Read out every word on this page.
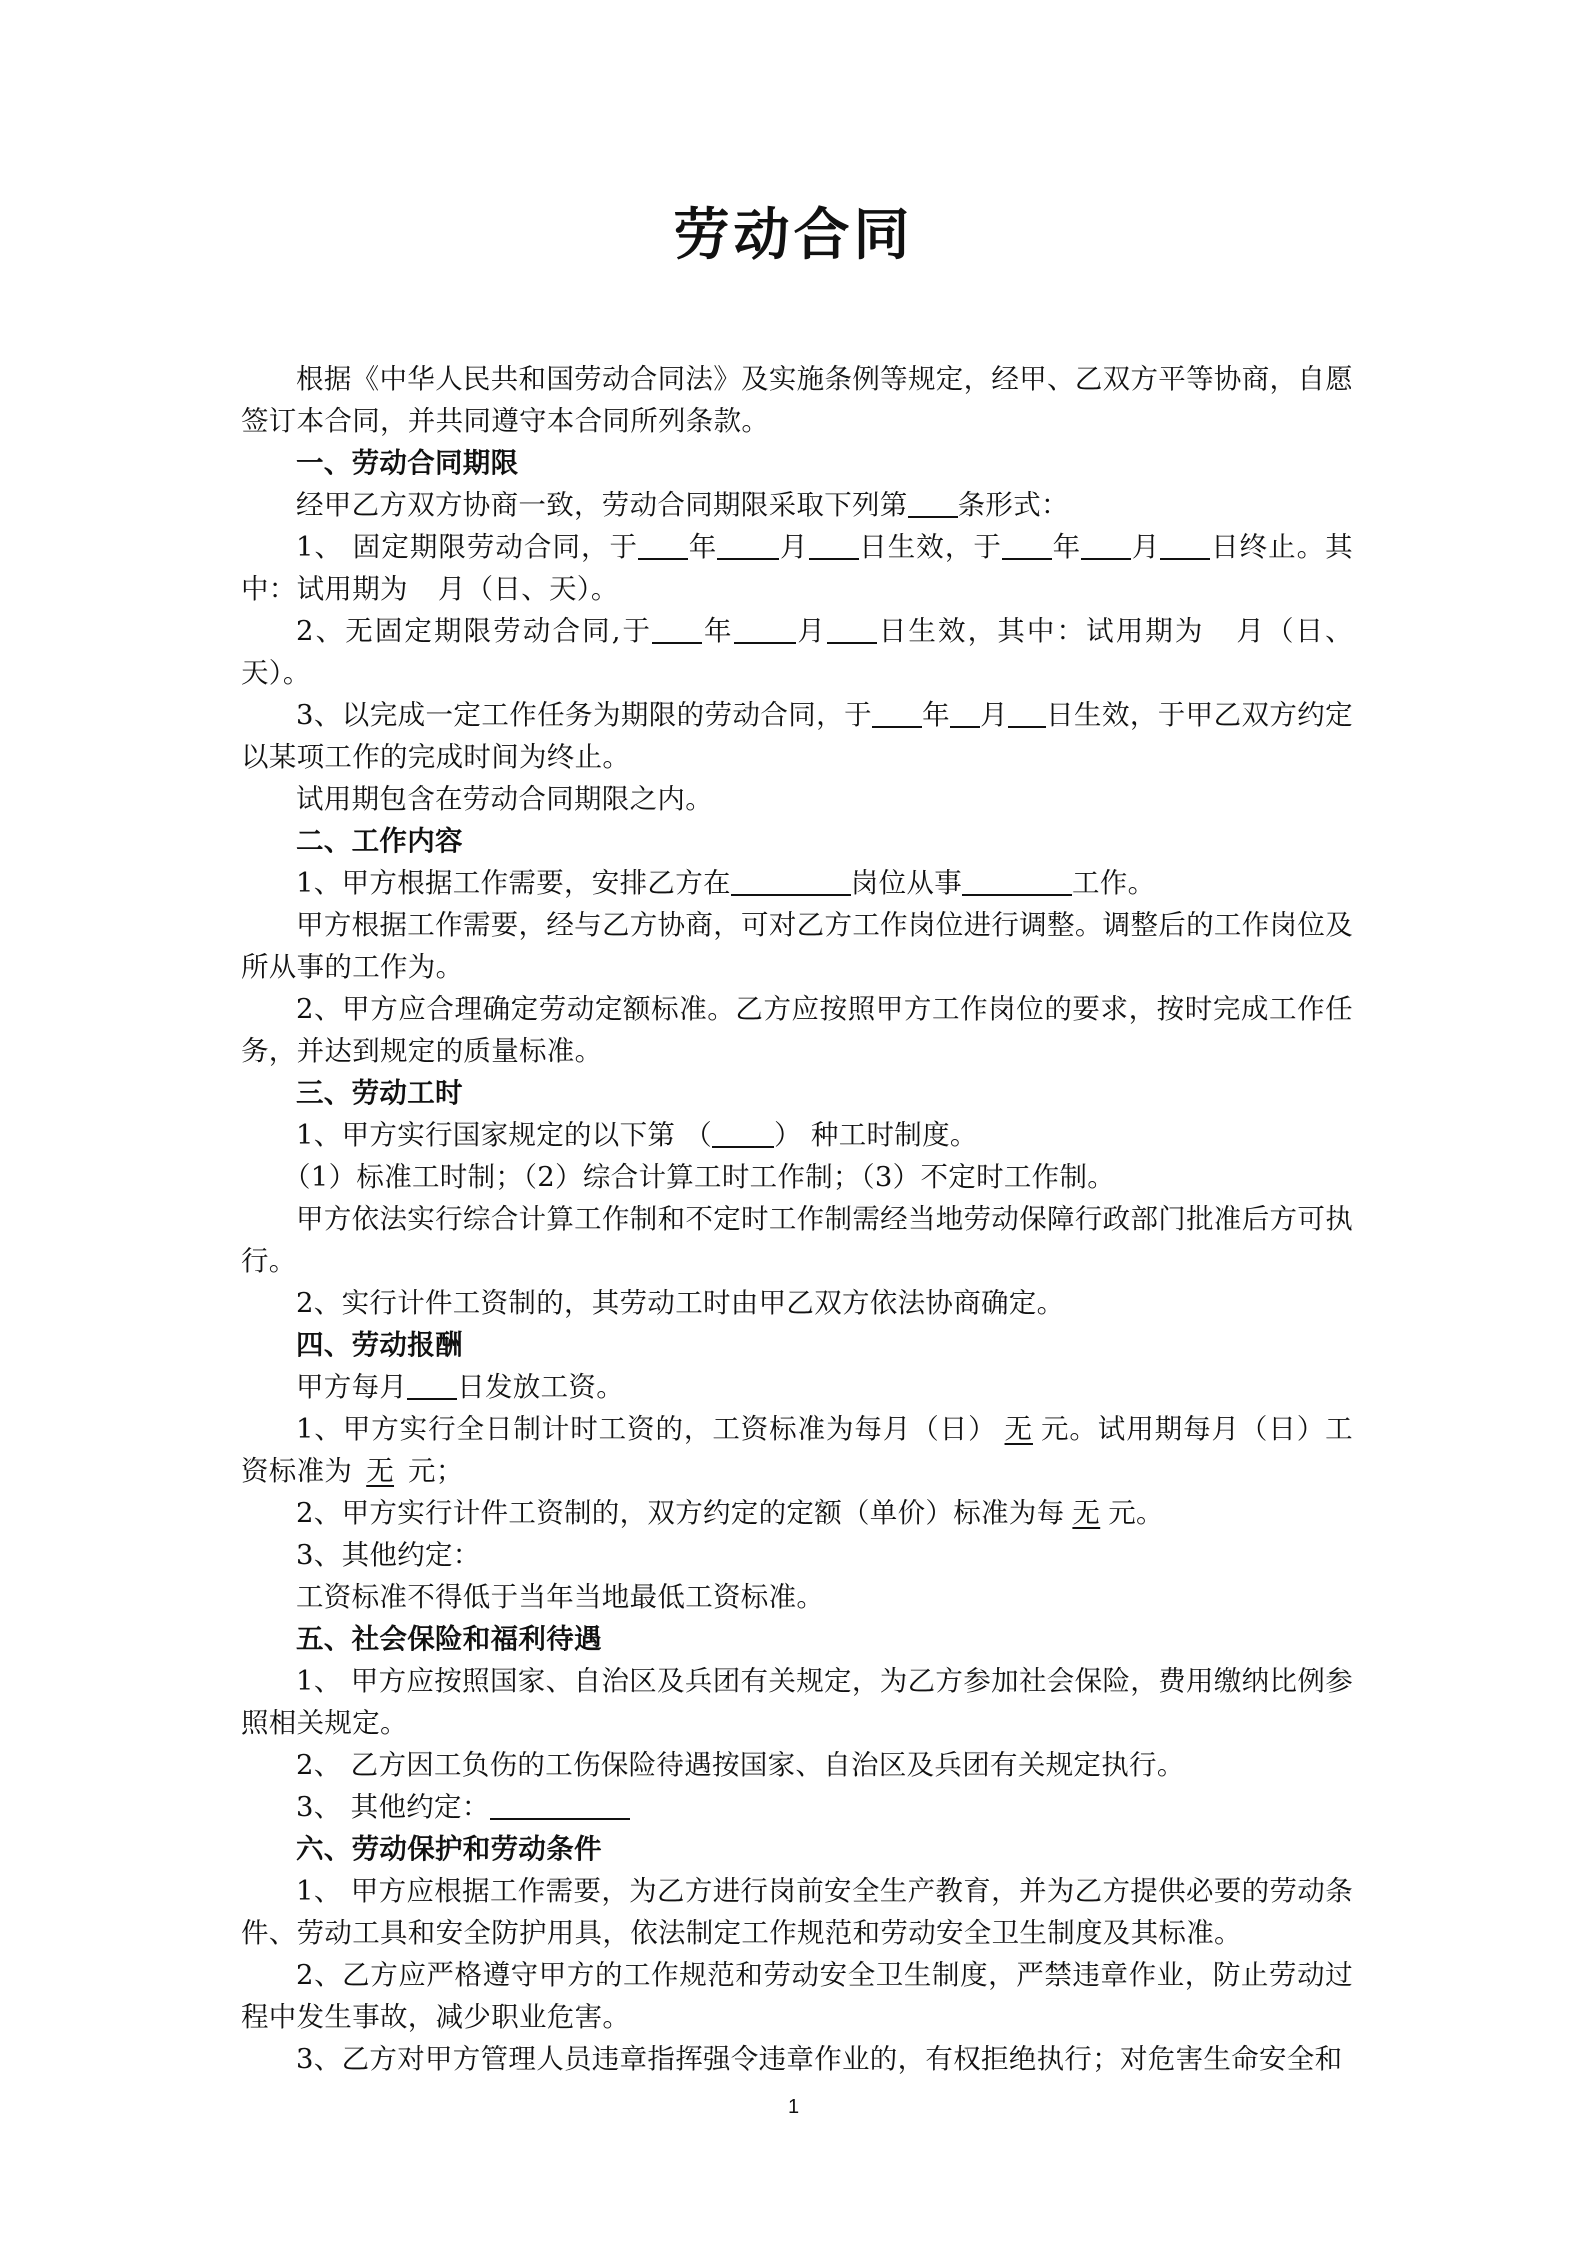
劳动合同

根据《中华人民共和国劳动合同法》及实施条例等规定，经甲、乙双方平等协商，自愿签订本合同，并共同遵守本合同所列条款。

一、劳动合同期限

经甲乙方双方协商一致，劳动合同期限采取下列第 条形式：

1、 固定期限劳动合同，于 年 月 日生效，于 年 月 日终止。其中：试用期为 月（日、天）。

2、无固定期限劳动合同,于 年 月 日生效，其中：试用期为 月（日、天）。

3、以完成一定工作任务为期限的劳动合同，于 年 月 日生效，于甲乙双方约定以某项工作的完成时间为终止。

试用期包含在劳动合同期限之内。

二、工作内容

1、甲方根据工作需要，安排乙方在	岗位从事	工作。

甲方根据工作需要，经与乙方协商，可对乙方工作岗位进行调整。调整后的工作岗位及所从事的工作为。

2、甲方应合理确定劳动定额标准。乙方应按照甲方工作岗位的要求，按时完成工作任务，并达到规定的质量标准。

三、劳动工时

1、甲方实行国家规定的以下第 （ ） 种工时制度。

（1）标准工时制；（2）综合计算工时工作制；（3）不定时工作制。

甲方依法实行综合计算工作制和不定时工作制需经当地劳动保障行政部门批准后方可执行。

2、实行计件工资制的，其劳动工时由甲乙双方依法协商确定。

四、劳动报酬

甲方每月 日发放工资。

1、甲方实行全日制计时工资的，工资标准为每月（日） 无 元。试用期每月（日）工资标准为 无 元；

2、甲方实行计件工资制的，双方约定的定额（单价）标准为每 无 元。

3、其他约定：

工资标准不得低于当年当地最低工资标准。

五、社会保险和福利待遇

1、 甲方应按照国家、自治区及兵团有关规定，为乙方参加社会保险，费用缴纳比例参照相关规定。

2、 乙方因工负伤的工伤保险待遇按国家、自治区及兵团有关规定执行。

3、 其他约定：

六、劳动保护和劳动条件

1、 甲方应根据工作需要，为乙方进行岗前安全生产教育，并为乙方提供必要的劳动条件、劳动工具和安全防护用具，依法制定工作规范和劳动安全卫生制度及其标准。

2、乙方应严格遵守甲方的工作规范和劳动安全卫生制度，严禁违章作业，防止劳动过程中发生事故，减少职业危害。

3、乙方对甲方管理人员违章指挥强令违章作业的，有权拒绝执行；对危害生命安全和

1
